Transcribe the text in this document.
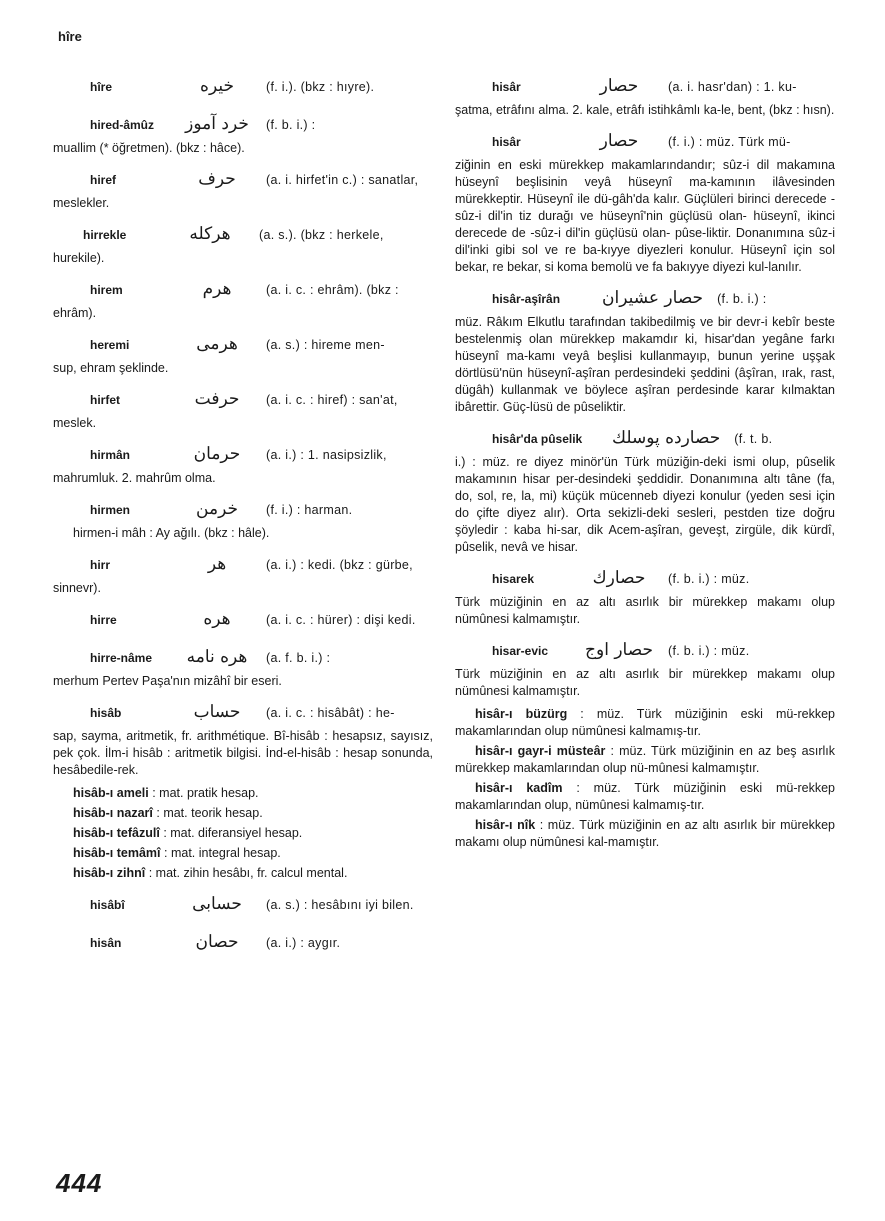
hîre
hîre	خیره	(f. i.). (bkz : hıyre).
hired-âmûz	خرد آموز (f. b. i.) :
muallim (* öğretmen). (bkz : hâce).
hiref	حرف	(a. i. hirfet'in c.) : sanatlar,
meslekler.
hirrekle	هركله	(a. s.). (bkz : herkele,
hurekile).
hirem	هرم	(a. i. c. : ehrâm). (bkz :
ehrâm).
heremi	هرمی	(a. s.) : hireme men-
sup, ehram şeklinde.
hirfet	حرفت	(a. i. c. : hiref) : san'at,
meslek.
hirmân	حرمان	(a. i.) : 1. nasipsizlik,
mahrumluk. 2. mahrûm olma.
hirmen	خرمن	(f. i.) : harman.
hirmen-i mâh : Ay ağılı. (bkz : hâle).
hirr	هر	(a. i.) : kedi. (bkz : gürbe,
sinnevr).
hirre	هره	(a. i. c. : hürer) : dişi kedi.
hirre-nâme	هره نامه	(a. f. b. i.) :
merhum Pertev Paşa'nın mizâhî bir eseri.
hisâb	حساب	(a. i. c. : hisâbât) : he-
sap, sayma, aritmetik, fr. arithmétique. Bî-hisâb : hesapsız, sayısız, pek çok. İlm-i hisâb : aritmetik bilgisi. İnd-el-hisâb : hesap sonunda, hesâbedile-rek.
hisâb-ı ameli : mat. pratik hesap.
hisâb-ı nazarî : mat. teorik hesap.
hisâb-ı tefâzulî : mat. diferansiyel hesap.
hisâb-ı temâmî : mat. integral hesap.
hisâb-ı zihnî : mat. zihin hesâbı, fr. calcul mental.
hisâbî	حسابی	(a. s.) : hesâbını iyi bilen.
hisân	حصان	(a. i.) : aygır.
hisâr	حصار	(a. i. hasr'dan) : 1. ku-
şatma, etrâfını alma. 2. kale, etrâfı istihkâmlı ka-le, bent, (bkz : hısn).
hisâr	حصار	(f. i.) : müz. Türk mü-
ziğinin en eski mürekkep makamlarındandır; sûz-i dil makamına hüseynî beşlisinin veyâ hüseynî ma-kamının ilâvesinden mürekkeptir. Hüseynî ile dü-gâh'da kalır. Güçlüleri birinci derecede -sûz-i dil'in tiz durağı ve hüseynî'nin güçlüsü olan- hüseynî, ikinci derecede de -sûz-i dil'in güçlüsü olan- pûse-liktir. Donanımına sûz-i dil'inki gibi sol ve re ba-kıyye diyezleri konulur. Hüseynî için sol bekar, re bekar, si koma bemolü ve fa bakıyye diyezi kul-lanılır.
hisâr-aşîrân	حصار عشیران (f. b. i.) :
müz. Râkım Elkutlu tarafından takibedilmiş ve bir devr-i kebîr beste bestelenmiş olan mürekkep makamdır ki, hisar'dan yegâne farkı hüseynî ma-kamı veyâ beşlisi kullanmayıp, bunun yerine uşşak dörtlüsü'nün hüseynî-aşîran perdesindeki şeddini (âşîran, ırak, rast, dügâh) kullanmak ve böylece aşîran perdesinde karar kılmaktan ibârettir. Güç-lüsü de pûseliktir.
hisâr'da pûselik	حصارده پوسلك (f. t. b.
i.) : müz. re diyez minör'ün Türk müziğin-deki ismi olup, pûselik makamının hisar per-desindeki şeddidir. Donanımına altı tâne (fa, do, sol, re, la, mi) küçük mücenneb diyezi konulur (yeden sesi için do çifte diyez alır). Orta sekizli-deki sesleri, pestden tize doğru şöyledir : kaba hi-sar, dik Acem-aşîran, geveşt, zirgüle, dik kürdî, pûselik, nevâ ve hisar.
hisarek	حصارك	(f. b. i.) : müz.
Türk müziğinin en az altı asırlık bir mürekkep makamı olup nümûnesi kalmamıştır.
hisar-evic	حصار اوج (f. b. i.) : müz.
Türk müziğinin en az altı asırlık bir mürekkep makamı olup nümûnesi kalmamıştır.
hisâr-ı büzürg : müz. Türk müziğinin eski mü-rekkep makamlarından olup nümûnesi kalmamış-tır.
hisâr-ı gayr-i müsteâr : müz. Türk müziğinin en az beş asırlık mürekkep makamlarından olup nü-mûnesi kalmamıştır.
hisâr-ı kadîm : müz. Türk müziğinin eski mü-rekkep makamlarından olup, nümûnesi kalmamış-tır.
hisâr-ı nîk : müz. Türk müziğinin en az altı asırlık bir mürekkep makamı olup nümûnesi kal-mamıştır.
444
